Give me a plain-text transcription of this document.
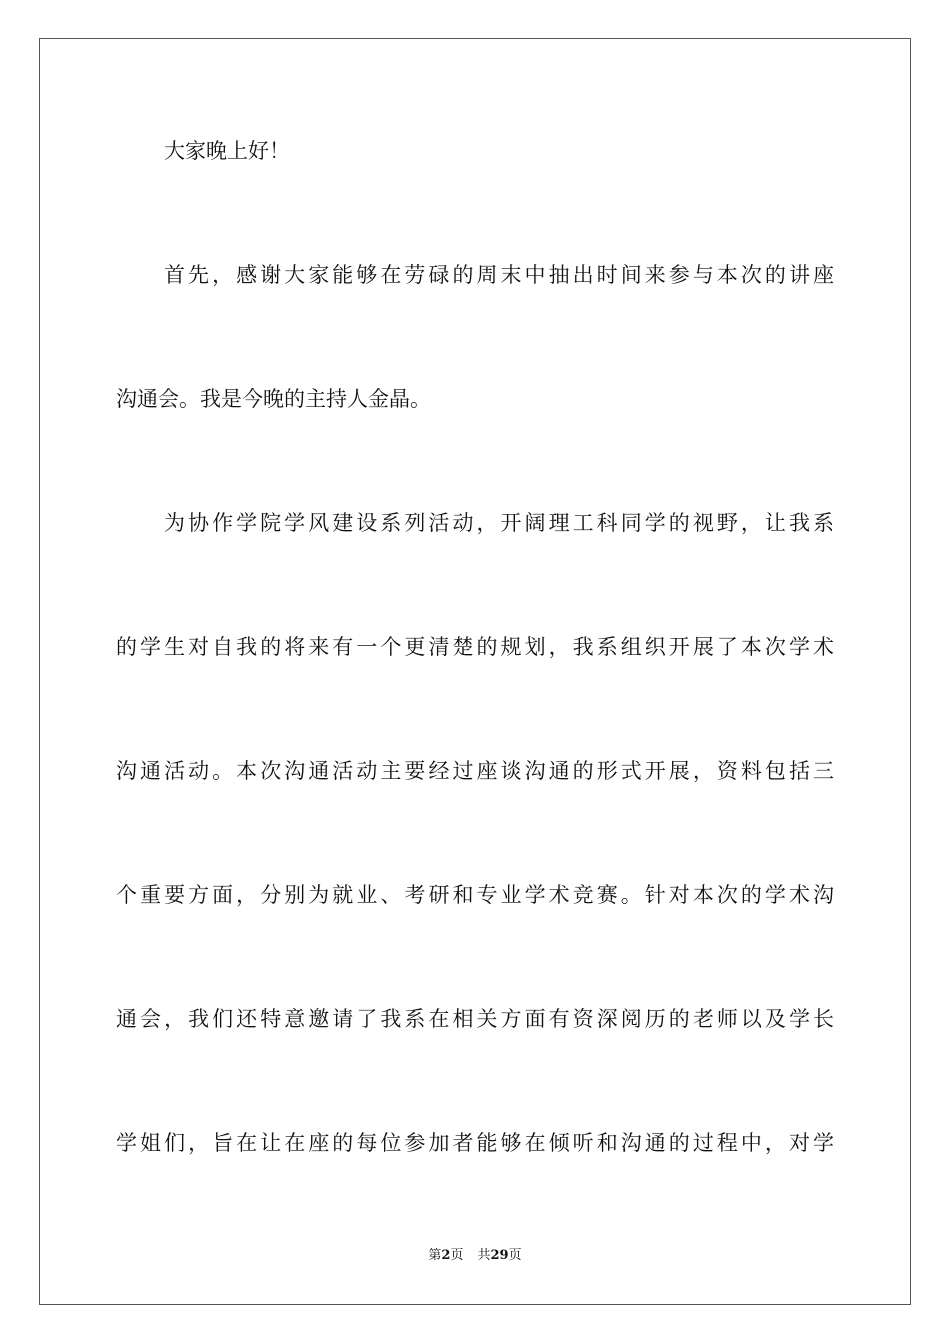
大家晚上好！
首先，感谢大家能够在劳碌的周末中抽出时间来参与本次的讲座
沟通会。我是今晚的主持人金晶。
为协作学院学风建设系列活动，开阔理工科同学的视野，让我系
的学生对自我的将来有一个更清楚的规划，我系组织开展了本次学术
沟通活动。本次沟通活动主要经过座谈沟通的形式开展，资料包括三
个重要方面，分别为就业、考研和专业学术竞赛。针对本次的学术沟
通会，我们还特意邀请了我系在相关方面有资深阅历的老师以及学长
学姐们，旨在让在座的每位参加者能够在倾听和沟通的过程中，对学
第2页 共29页
